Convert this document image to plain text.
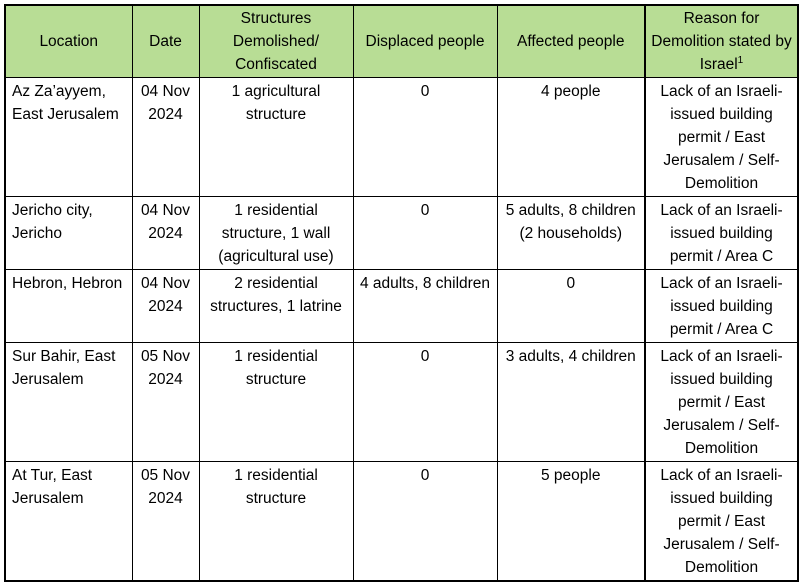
Location	Date	Structures Demolished/ Confiscated	Displaced people	Affected people	Reason for Demolition stated by Israel$^1$
Az Za’ayyem, East Jerusalem	04 Nov 2024	1 agricultural structure	0	4 people	Lack of an Israeli-issued building permit / East Jerusalem / Self-Demolition
Jericho city, Jericho	04 Nov 2024	1 residential structure, 1 wall (agricultural use)	0	5 adults, 8 children (2 households)	Lack of an Israeli-issued building permit / Area C
Hebron, Hebron	04 Nov 2024	2 residential structures, 1 latrine	4 adults, 8 children	0	Lack of an Israeli-issued building permit / Area C
Sur Bahir, East Jerusalem	05 Nov 2024	1 residential structure	0	3 adults, 4 children	Lack of an Israeli-issued building permit / East Jerusalem / Self-Demolition
At Tur, East Jerusalem	05 Nov 2024	1 residential structure	0	5 people	Lack of an Israeli-issued building permit / East Jerusalem / Self-Demolition
